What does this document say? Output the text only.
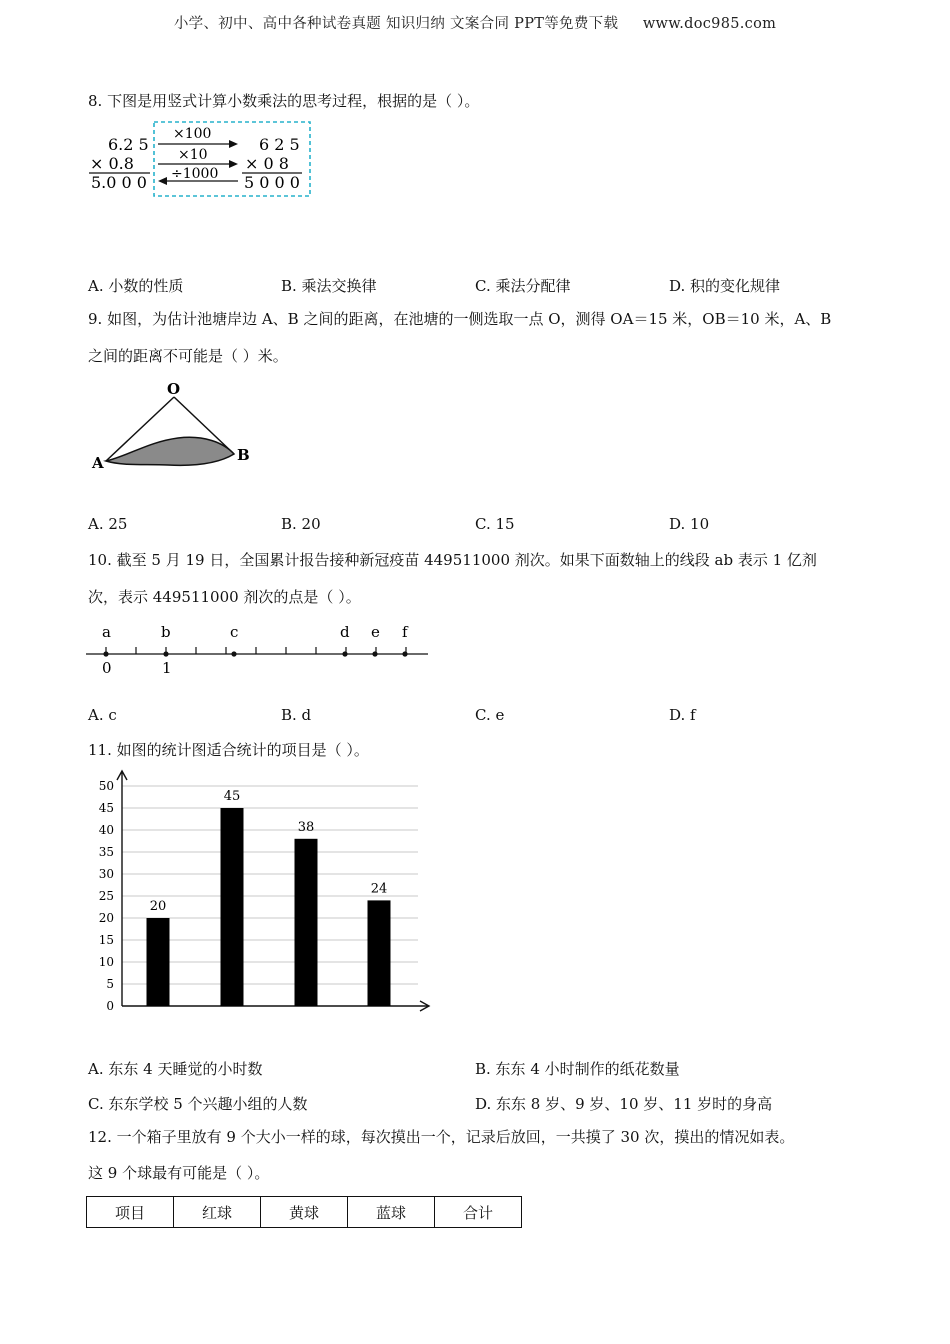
小学、初中、高中各种试卷真题 知识归纳 文案合同 PPT等免费下载 www.doc985.com
8. 下图是用竖式计算小数乘法的思考过程，根据的是（ ）。
6.2 5
× 0.8
5.0 0 0
×100
×10
÷1000
6 2 5
× 0 8
5 0 0 0
A. 小数的性质	B. 乘法交换律	C. 乘法分配律	D. 积的变化规律
9. 如图，为估计池塘岸边 A、B 之间的距离，在池塘的一侧选取一点 O，测得 OA＝15 米，OB＝10 米，A、B
之间的距离不可能是（ ）米。
O
A	B
A. 25	B. 20	C. 15	D. 10
10. 截至 5 月 19 日，全国累计报告接种新冠疫苗 449511000 剂次。如果下面数轴上的线段 ab 表示 1 亿剂
次，表示 449511000 剂次的点是（ ）。
a	b	c	d e f
0	1
A. c	B. d	C. e	D. f
11. 如图的统计图适合统计的项目是（ ）。
0
5
10
15
20
25
30
35
40
45
50
20
45
38
24
A. 东东 4 天睡觉的小时数	B. 东东 4 小时制作的纸花数量
C. 东东学校 5 个兴趣小组的人数	D. 东东 8 岁、9 岁、10 岁、11 岁时的身高
12. 一个箱子里放有 9 个大小一样的球，每次摸出一个，记录后放回，一共摸了 30 次，摸出的情况如表。
这 9 个球最有可能是（ ）。
项目	红球	黄球	蓝球	合计
